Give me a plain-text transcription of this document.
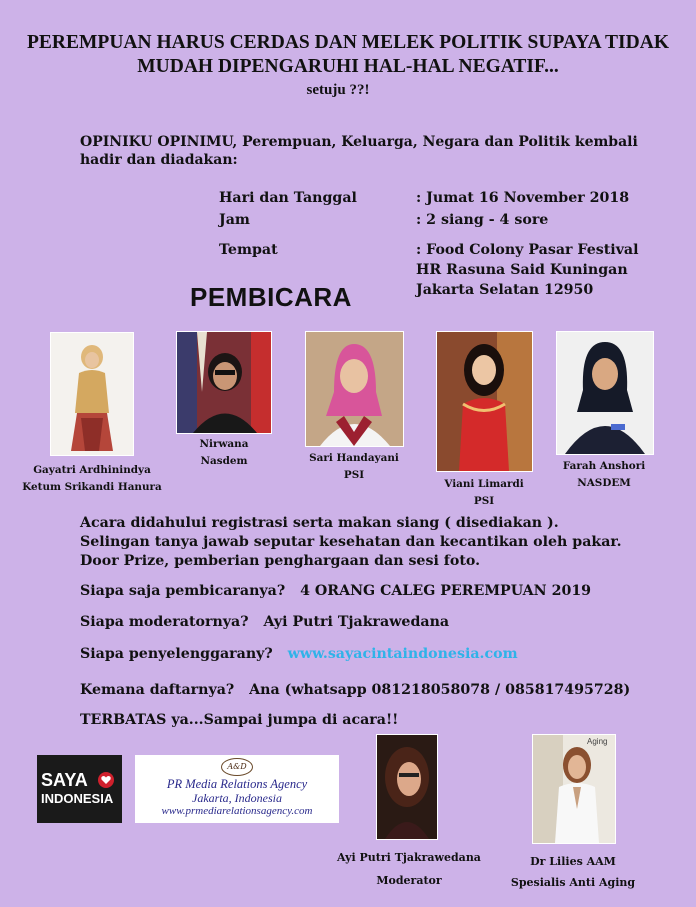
PEREMPUAN HARUS CERDAS DAN MELEK POLITIK SUPAYA TIDAK
MUDAH DIPENGARUHI HAL-HAL NEGATIF...
setuju ??!
OPINIKU OPINIMU, Perempuan, Keluarga, Negara dan Politik kembali
hadir dan diadakan:
Hari dan Tanggal	: Jumat 16 November 2018
Jam	: 2 siang - 4 sore
Tempat	: Food Colony Pasar Festival
HR Rasuna Said Kuningan
Jakarta Selatan 12950
PEMBICARA
Gayatri Ardhinindya
Ketum Srikandi Hanura
Nirwana
Nasdem	Sari Handayani
PSI
Viani Limardi
PSI
Farah Anshori
NASDEM
Acara didahului registrasi serta makan siang ( disediakan ).
Selingan tanya jawab seputar kesehatan dan kecantikan oleh pakar.
Door Prize, pemberian penghargaan dan sesi foto.
Siapa saja pembicaranya? 4 ORANG CALEG PEREMPUAN 2019
Siapa moderatornya? Ayi Putri Tjakrawedana
Siapa penyelenggarany? www.sayacintaindonesia.com
Kemana daftarnya? Ana (whatsapp 081218058078 / 085817495728)
TERBATAS ya...Sampai jumpa di acara!!
SAYA
INDONESIA
A&D
PR Media Relations Agency
Jakarta, Indonesia
www.prmediarelationsagency.com
Ayi Putri Tjakrawedana
Moderator
Aging
Dr Lilies AAM
Spesialis Anti Aging
